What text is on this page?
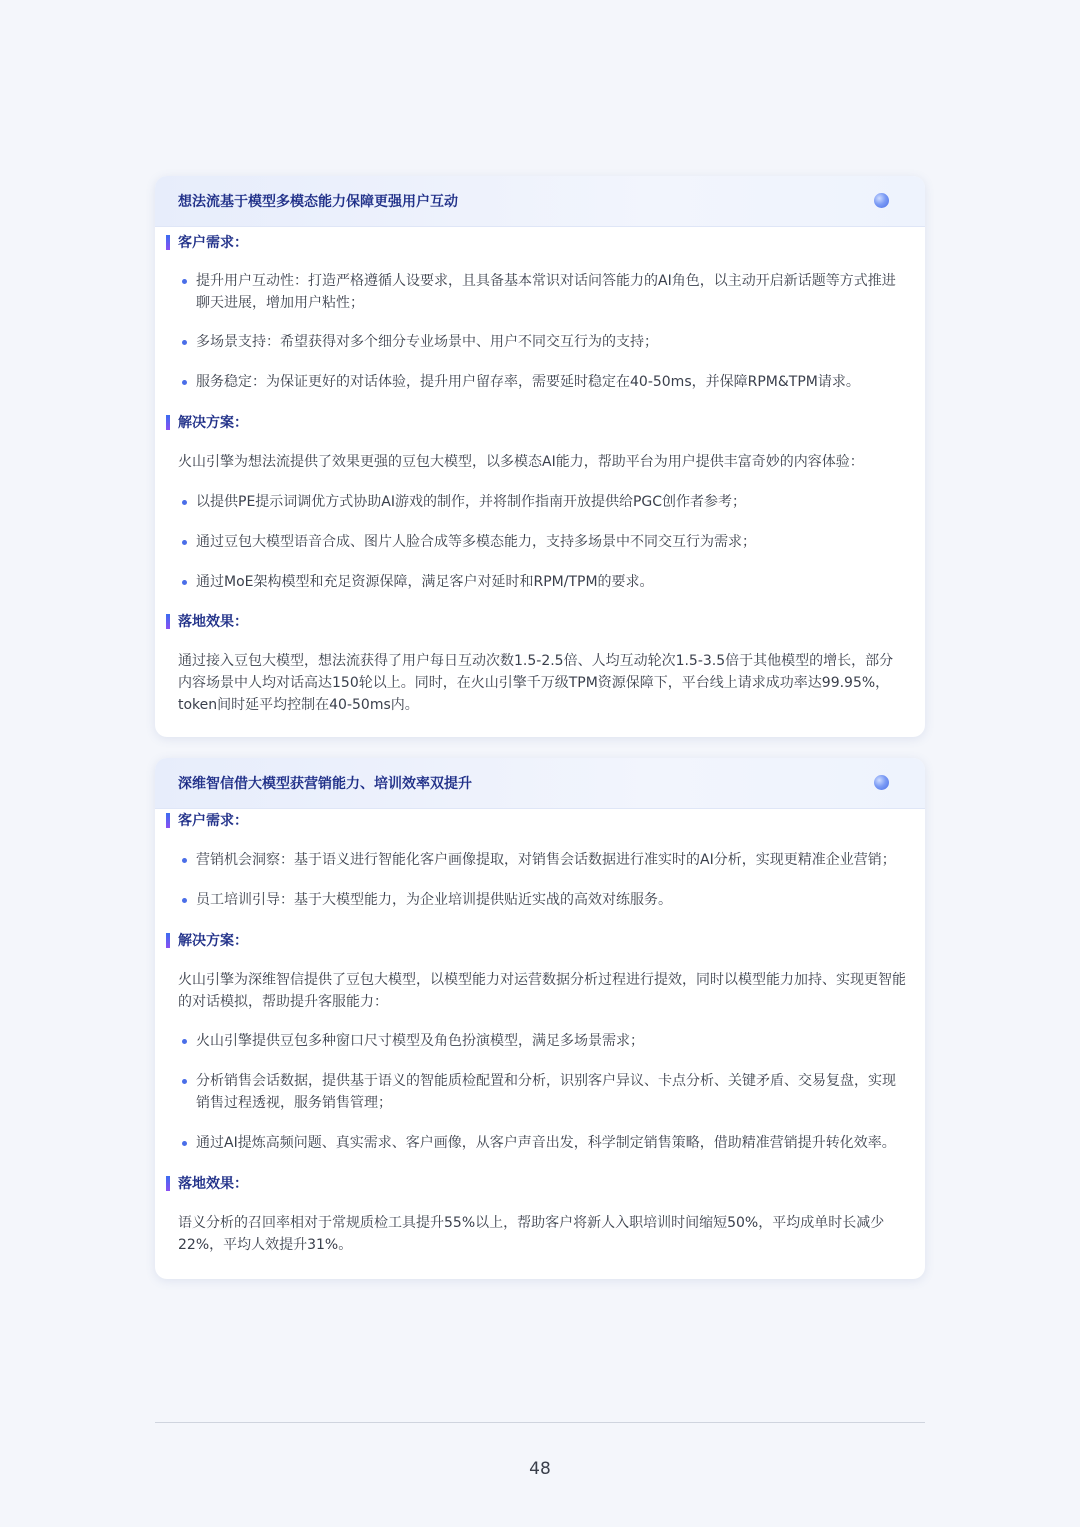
想法流基于模型多模态能力保障更强用户互动
客户需求：
提升用户互动性：打造严格遵循人设要求，且具备基本常识对话问答能力的AI角色，以主动开启新话题等方式推进聊天进展，增加用户粘性；
多场景支持：希望获得对多个细分专业场景中、用户不同交互行为的支持；
服务稳定：为保证更好的对话体验，提升用户留存率，需要延时稳定在40-50ms，并保障RPM&TPM请求。
解决方案：
火山引擎为想法流提供了效果更强的豆包大模型，以多模态AI能力，帮助平台为用户提供丰富奇妙的内容体验：
以提供PE提示词调优方式协助AI游戏的制作，并将制作指南开放提供给PGC创作者参考；
通过豆包大模型语音合成、图片人脸合成等多模态能力，支持多场景中不同交互行为需求；
通过MoE架构模型和充足资源保障，满足客户对延时和RPM/TPM的要求。
落地效果：
通过接入豆包大模型，想法流获得了用户每日互动次数1.5-2.5倍、人均互动轮次1.5-3.5倍于其他模型的增长，部分内容场景中人均对话高达150轮以上。同时，在火山引擎千万级TPM资源保障下，平台线上请求成功率达99.95%，token间时延平均控制在40-50ms内。
深维智信借大模型获营销能力、培训效率双提升
客户需求：
营销机会洞察：基于语义进行智能化客户画像提取，对销售会话数据进行准实时的AI分析，实现更精准企业营销；
员工培训引导：基于大模型能力，为企业培训提供贴近实战的高效对练服务。
解决方案：
火山引擎为深维智信提供了豆包大模型，以模型能力对运营数据分析过程进行提效，同时以模型能力加持、实现更智能的对话模拟，帮助提升客服能力：
火山引擎提供豆包多种窗口尺寸模型及角色扮演模型，满足多场景需求；
分析销售会话数据，提供基于语义的智能质检配置和分析，识别客户异议、卡点分析、关键矛盾、交易复盘，实现销售过程透视，服务销售管理；
通过AI提炼高频问题、真实需求、客户画像，从客户声音出发，科学制定销售策略，借助精准营销提升转化效率。
落地效果：
语义分析的召回率相对于常规质检工具提升55%以上，帮助客户将新人入职培训时间缩短50%，平均成单时长减少22%，平均人效提升31%。
48
